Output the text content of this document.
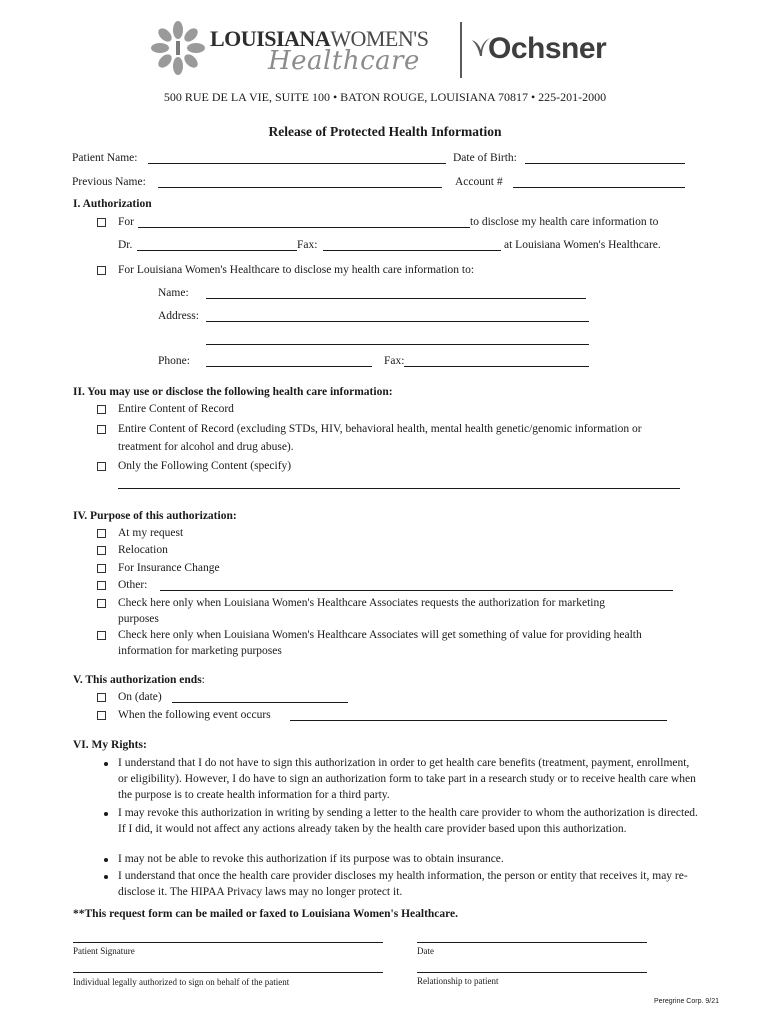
LOUISIANAWOMEN'S
Healthcare Ochsner
500 RUE DE LA VIE, SUITE 100 • BATON ROUGE, LOUISIANA 70817 • 225-201-2000
Release of Protected Health Information
Patient Name:	Date of Birth:
Previous Name:	Account #
I. Authorization
For	to disclose my health care information to
Dr.	Fax:	at Louisiana Women's Healthcare.
For Louisiana Women's Healthcare to disclose my health care information to:
Name:
Address:
Phone:	Fax:
II. You may use or disclose the following health care information:
Entire Content of Record
Entire Content of Record (excluding STDs, HIV, behavioral health, mental health genetic/genomic information or
treatment for alcohol and drug abuse).
Only the Following Content (specify)
IV. Purpose of this authorization:
At my request
Relocation
For Insurance Change
Other:
Check here only when Louisiana Women's Healthcare Associates requests the authorization for marketing
purposes
Check here only when Louisiana Women's Healthcare Associates will get something of value for providing health
information for marketing purposes
V. This authorization ends:
On (date)
When the following event occurs
VI. My Rights:
I understand that I do not have to sign this authorization in order to get health care benefits (treatment, payment, enrollment, or eligibility). However, I do have to sign an authorization form to take part in a research study or to receive health care when the purpose is to create health information for a third party.
I may revoke this authorization in writing by sending a letter to the health care provider to whom the authorization is directed. If I did, it would not affect any actions already taken by the health care provider based upon this authorization.
I may not be able to revoke this authorization if its purpose was to obtain insurance.
I understand that once the health care provider discloses my health information, the person or entity that receives it, may re-disclose it. The HIPAA Privacy laws may no longer protect it.
**This request form can be mailed or faxed to Louisiana Women's Healthcare.
Patient Signature	Date
Individual legally authorized to sign on behalf of the patient	Relationship to patient
Peregrine Corp. 9/21
